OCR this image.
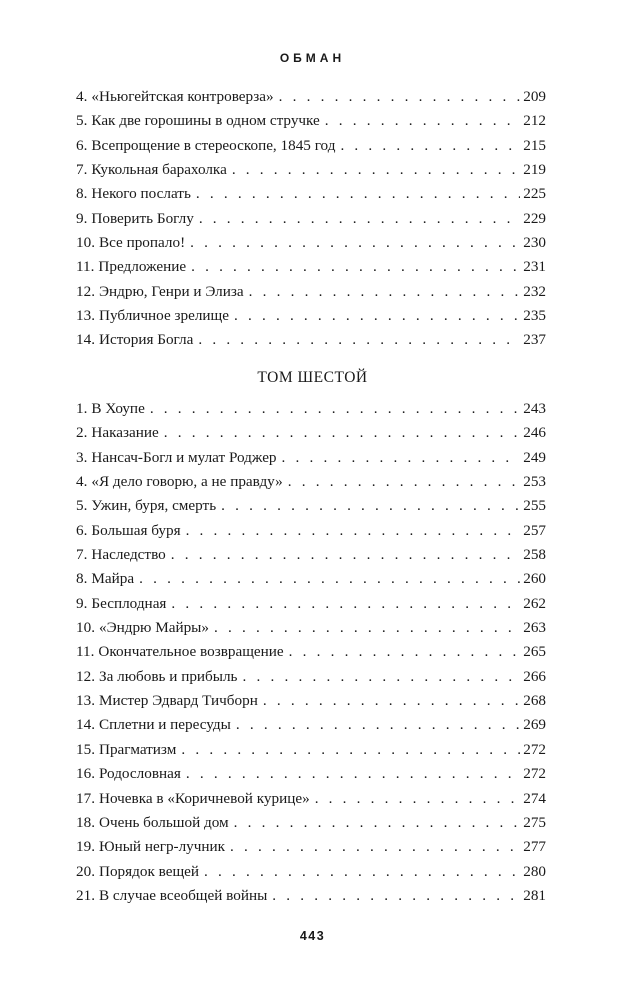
ОБМАН
4. «Ньюгейтская контроверза» . . .	209
5. Как две горошины в одном стручке . . .	212
6. Всепрощение в стереоскопе, 1845 год . . .	215
7. Кукольная барахолка . . .	219
8. Некого послать . . .	225
9. Поверить Боглу . . .	229
10. Все пропало! . . .	230
11. Предложение . . .	231
12. Эндрю, Генри и Элиза . . .	232
13. Публичное зрелище . . .	235
14. История Богла . . .	237
ТОМ ШЕСТОЙ
1. В Хоупе . . .	243
2. Наказание . . .	246
3. Нансач-Богл и мулат Роджер . . .	249
4. «Я дело говорю, а не правду» . . .	253
5. Ужин, буря, смерть . . .	255
6. Большая буря . . .	257
7. Наследство . . .	258
8. Майра . . .	260
9. Бесплодная . . .	262
10. «Эндрю Майры» . . .	263
11. Окончательное возвращение . . .	265
12. За любовь и прибыль . . .	266
13. Мистер Эдвард Тичборн . . .	268
14. Сплетни и пересуды . . .	269
15. Прагматизм . . .	272
16. Родословная . . .	272
17. Ночевка в «Коричневой курице» . . .	274
18. Очень большой дом . . .	275
19. Юный негр-лучник . . .	277
20. Порядок вещей . . .	280
21. В случае всеобщей войны . . .	281
443
